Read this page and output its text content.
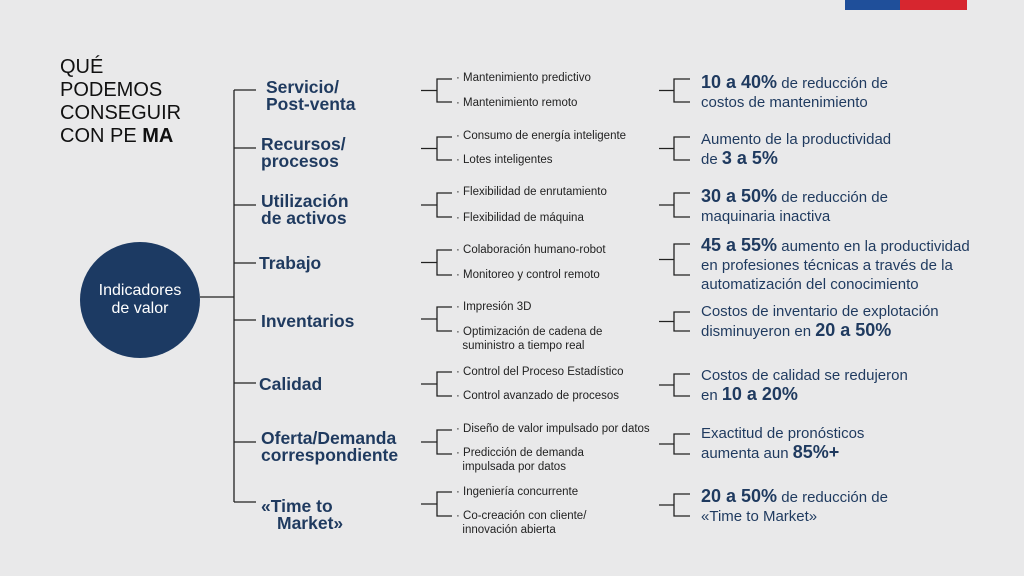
QUÉ
PODEMOS
CONSEGUIR
CON PE MA
Indicadores
de valor
Servicio/
Post-venta
· Mantenimiento predictivo
· Mantenimiento remoto
10 a 40% de reducción de
costos de mantenimiento
Recursos/
procesos
· Consumo de energía inteligente
· Lotes inteligentes
Aumento de la productividad
de 3 a 5%
Utilización
de activos
· Flexibilidad de enrutamiento
· Flexibilidad de máquina
30 a 50% de reducción de
maquinaria inactiva
Trabajo
· Colaboración humano-robot
· Monitoreo y control remoto
45 a 55% aumento en la productividad
en profesiones técnicas a través de la
automatización del conocimiento
Inventarios
· Impresión 3D
· Optimización de cadena de
suministro a tiempo real
Costos de inventario de explotación
disminuyeron en 20 a 50%
Calidad
· Control del Proceso Estadístico
· Control avanzado de procesos
Costos de calidad se redujeron
en 10 a 20%
Oferta/Demanda
correspondiente
· Diseño de valor impulsado por datos
· Predicción de demanda
impulsada por datos
Exactitud de pronósticos
aumenta aun 85%+
«Time to
Market»
· Ingeniería concurrente
· Co-creación con cliente/
innovación abierta
20 a 50% de reducción de
«Time to Market»
